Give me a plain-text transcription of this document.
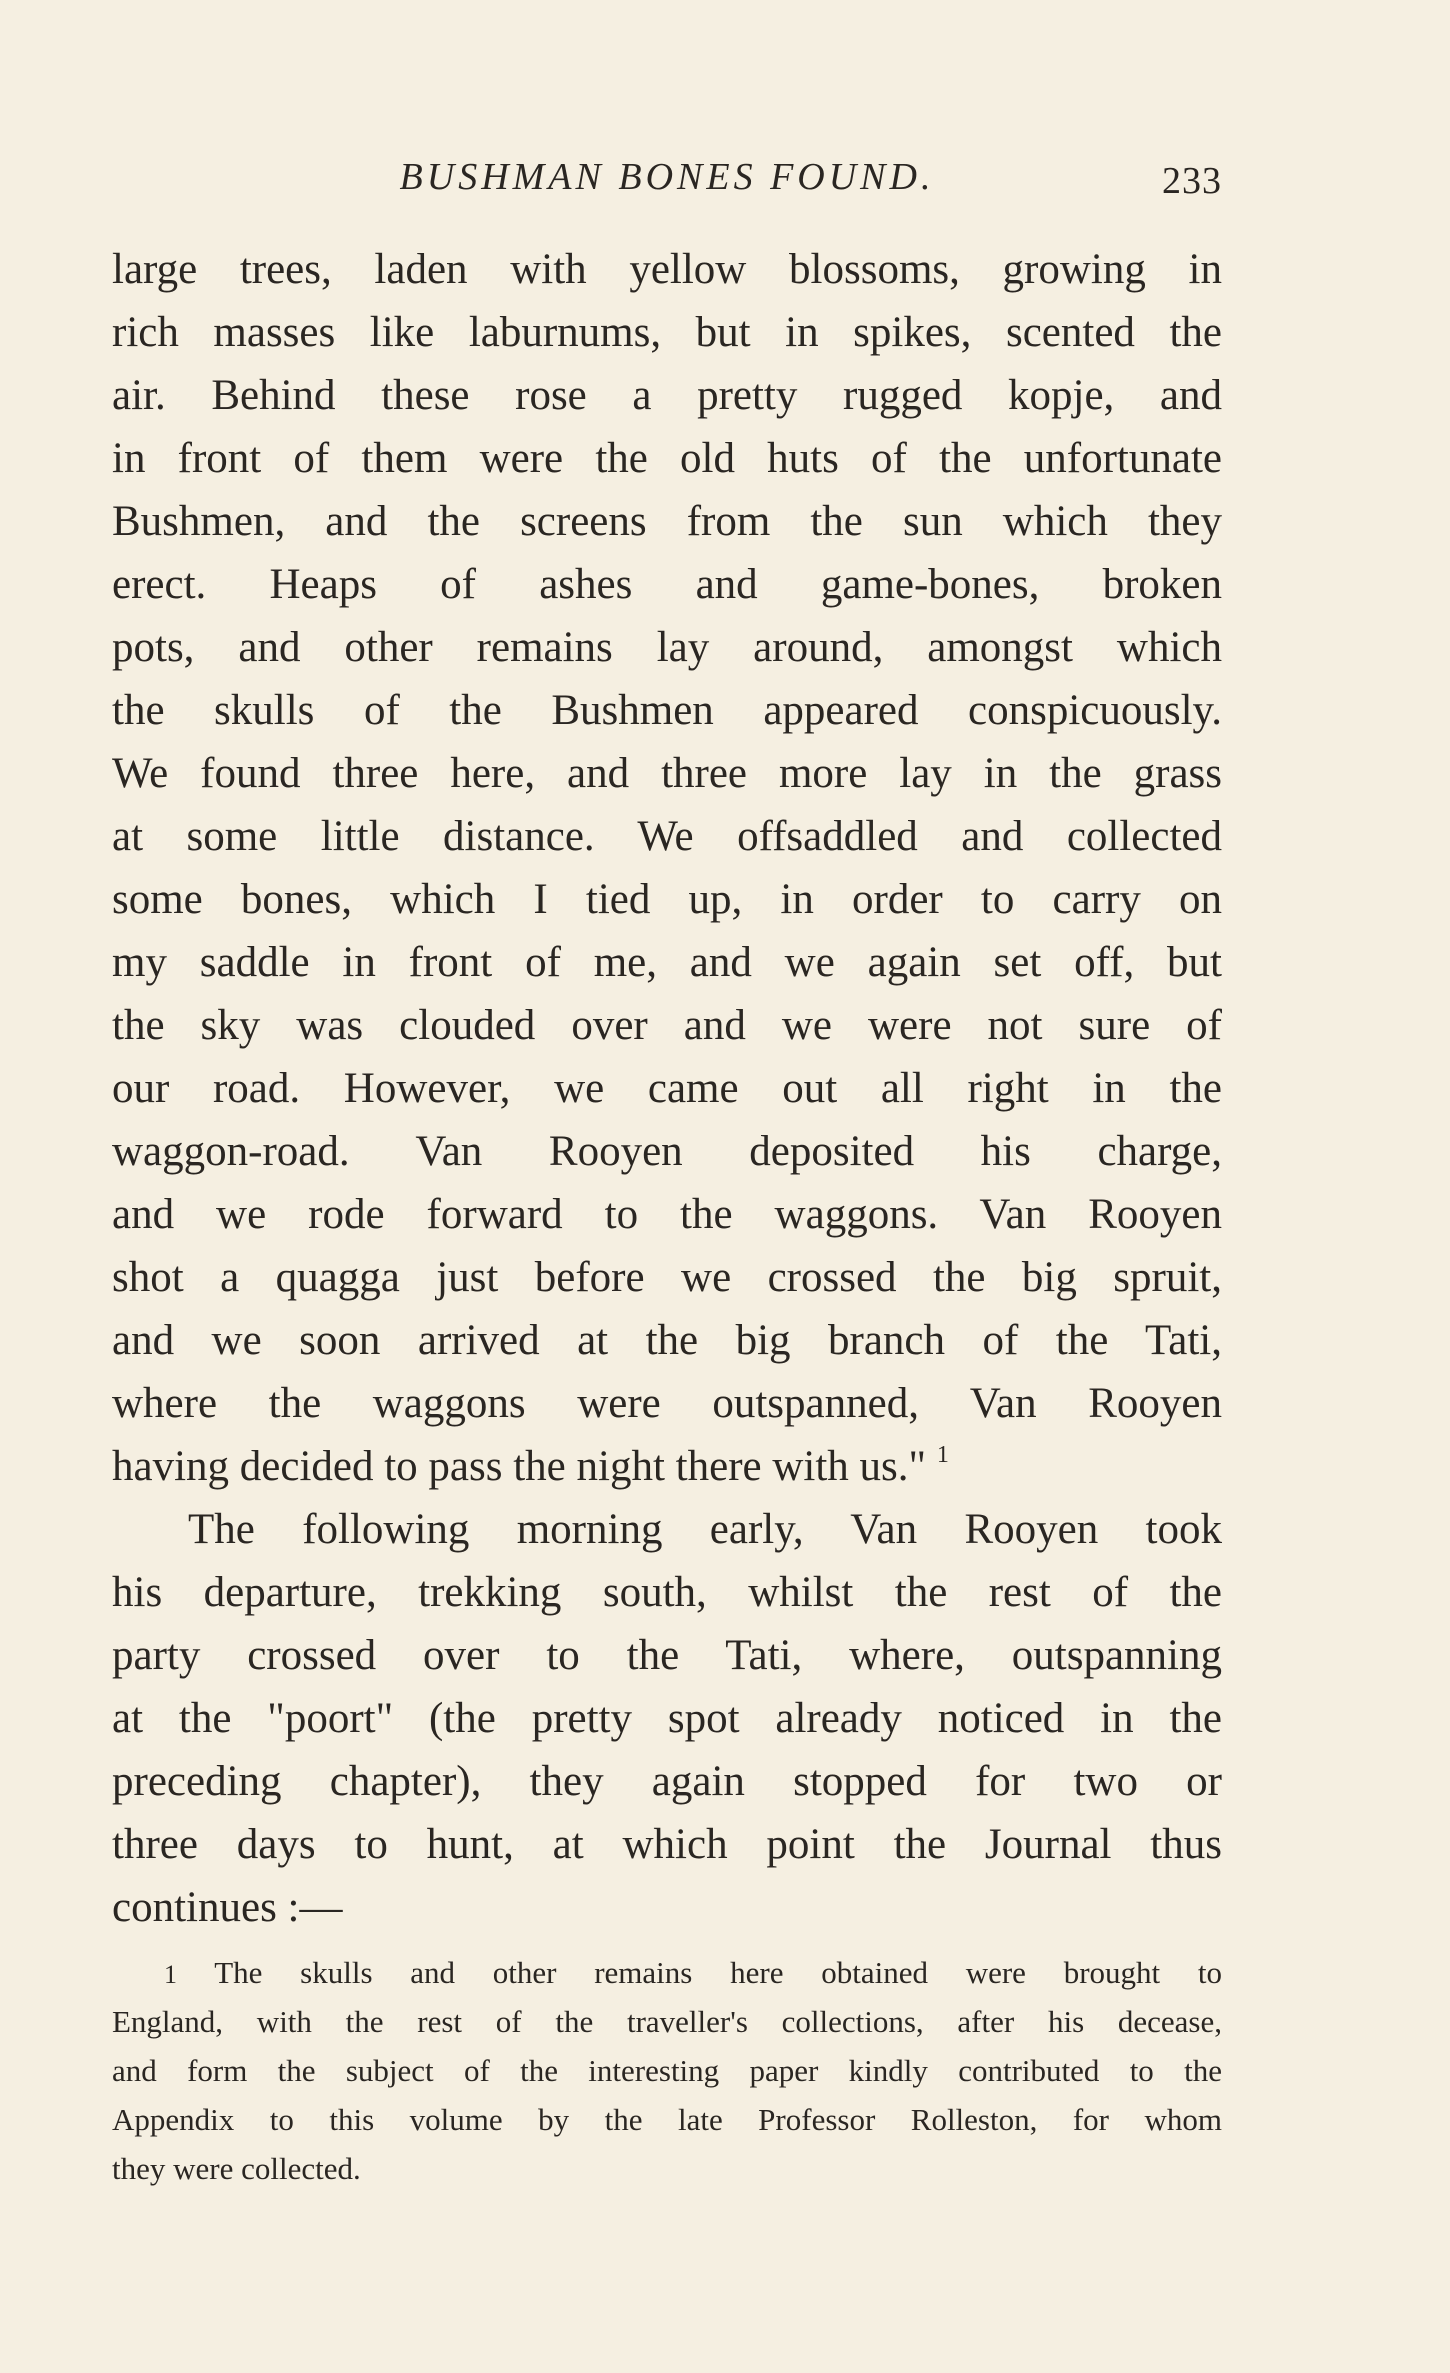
BUSHMAN BONES FOUND.	233
large trees, laden with yellow blossoms, growing in
rich masses like laburnums, but in spikes, scented the
air. Behind these rose a pretty rugged kopje, and
in front of them were the old huts of the unfortunate
Bushmen, and the screens from the sun which they
erect. Heaps of ashes and game-bones, broken
pots, and other remains lay around, amongst which
the skulls of the Bushmen appeared conspicuously.
We found three here, and three more lay in the grass
at some little distance. We offsaddled and collected
some bones, which I tied up, in order to carry on
my saddle in front of me, and we again set off, but
the sky was clouded over and we were not sure of
our road. However, we came out all right in the
waggon-road. Van Rooyen deposited his charge,
and we rode forward to the waggons. Van Rooyen
shot a quagga just before we crossed the big spruit,
and we soon arrived at the big branch of the Tati,
where the waggons were outspanned, Van Rooyen
having decided to pass the night there with us." $^1$
The following morning early, Van Rooyen took
his departure, trekking south, whilst the rest of the
party crossed over to the Tati, where, outspanning
at the "poort" (the pretty spot already noticed in the
preceding chapter), they again stopped for two or
three days to hunt, at which point the Journal thus
continues :—
1 The skulls and other remains here obtained were brought to
England, with the rest of the traveller's collections, after his decease,
and form the subject of the interesting paper kindly contributed to the
Appendix to this volume by the late Professor Rolleston, for whom
they were collected.
